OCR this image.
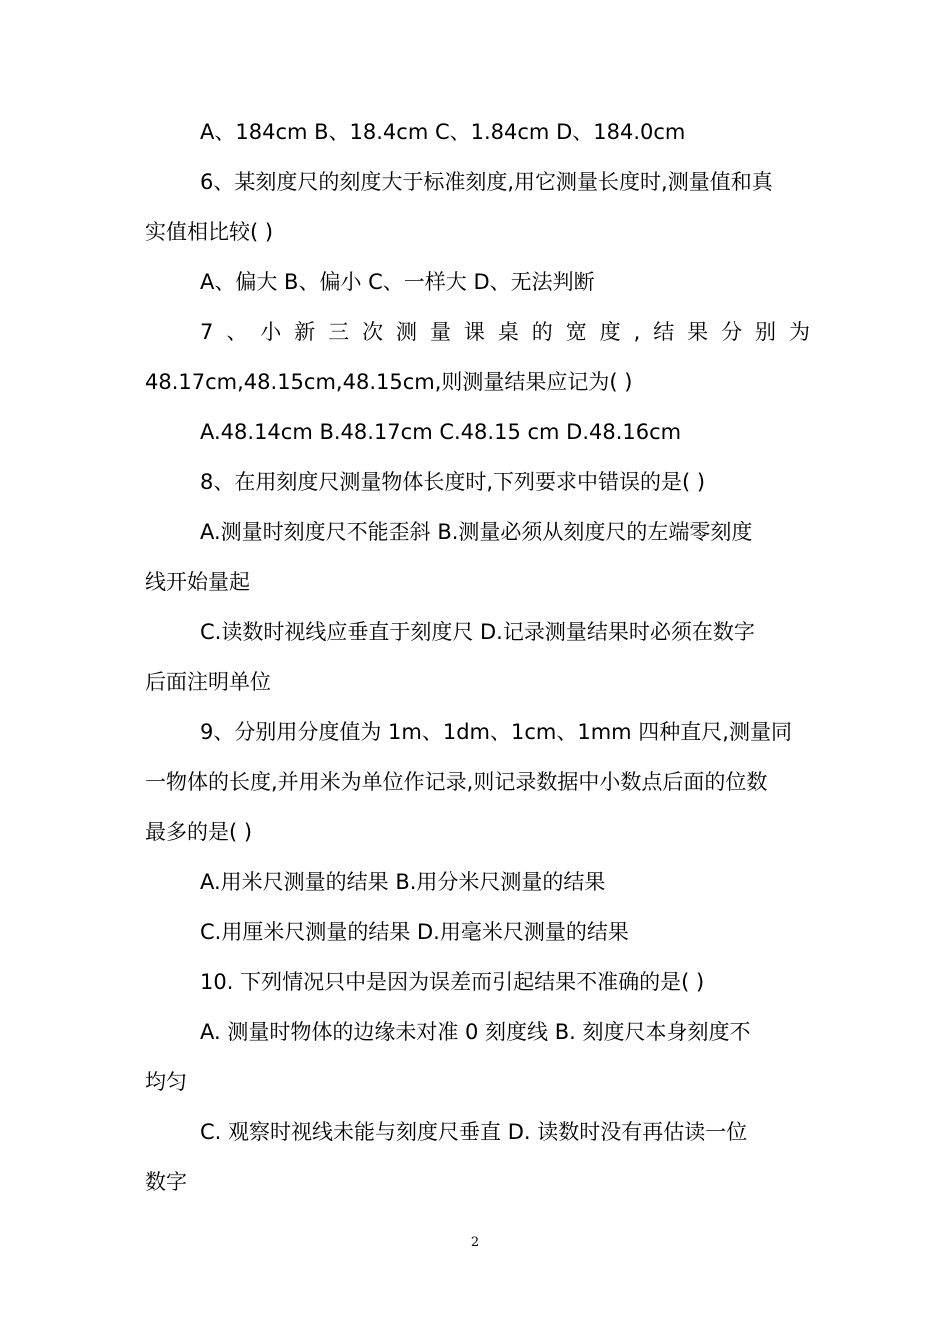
A、184cm B、18.4cm C、1.84cm D、184.0cm
6、某刻度尺的刻度大于标准刻度,用它测量长度时,测量值和真
实值相比较( )
A、偏大 B、偏小 C、一样大 D、无法判断
7 、 小 新 三 次 测 量 课 桌 的 宽 度 , 结 果 分 别 为
48.17cm,48.15cm,48.15cm,则测量结果应记为( )
A.48.14cm B.48.17cm C.48.15 cm D.48.16cm
8、在用刻度尺测量物体长度时,下列要求中错误的是( )
A.测量时刻度尺不能歪斜 B.测量必须从刻度尺的左端零刻度
线开始量起
C.读数时视线应垂直于刻度尺 D.记录测量结果时必须在数字
后面注明单位
9、分别用分度值为 1m、1dm、1cm、1mm 四种直尺,测量同
一物体的长度,并用米为单位作记录,则记录数据中小数点后面的位数
最多的是( )
A.用米尺测量的结果 B.用分米尺测量的结果
C.用厘米尺测量的结果 D.用毫米尺测量的结果
10. 下列情况只中是因为误差而引起结果不准确的是( )
A. 测量时物体的边缘未对准 0 刻度线 B. 刻度尺本身刻度不
均匀
C. 观察时视线未能与刻度尺垂直 D. 读数时没有再估读一位
数字
2
